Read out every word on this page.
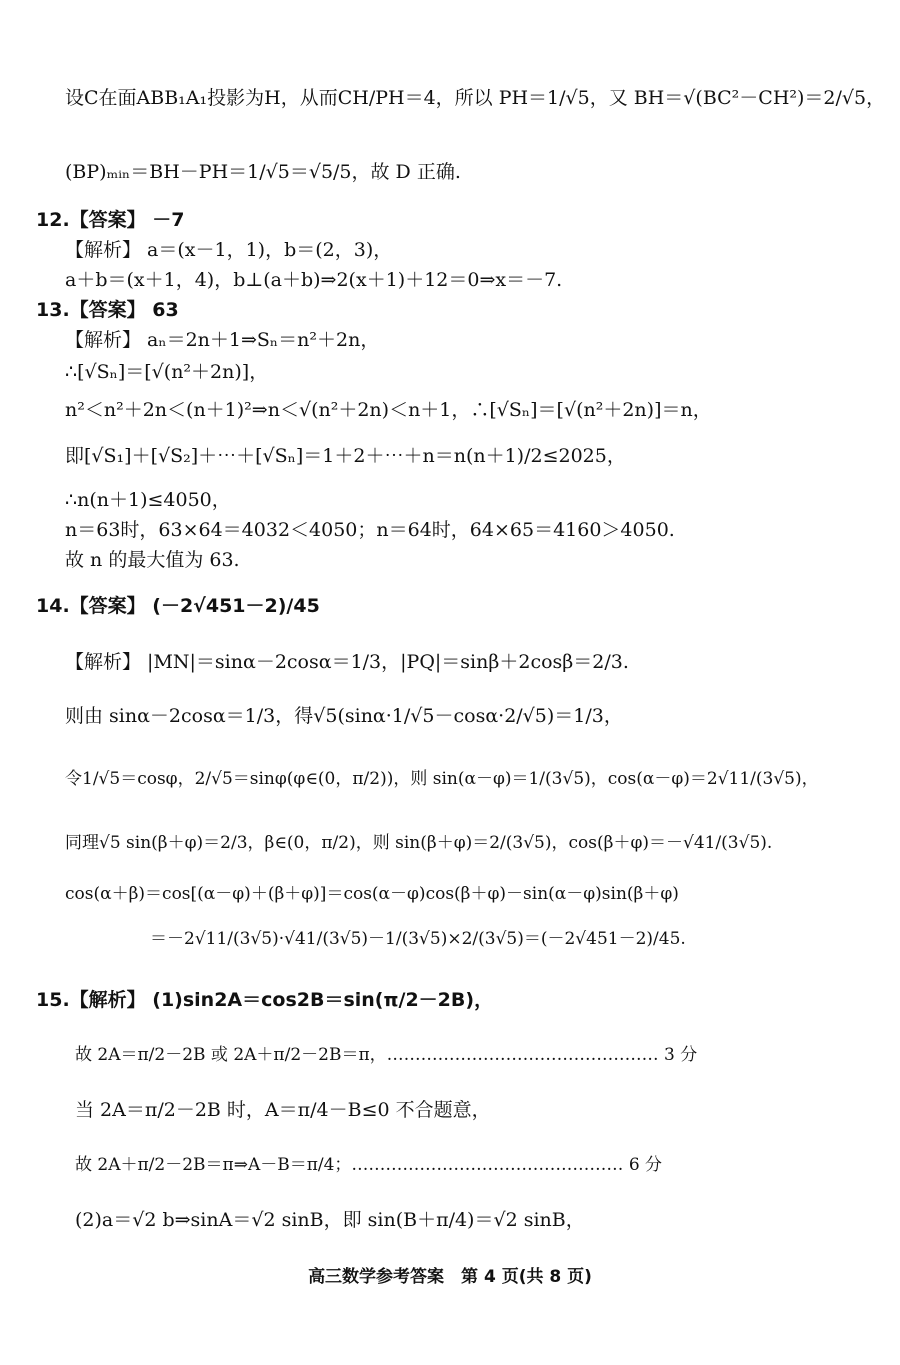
设C在面ABB₁A₁投影为H，从而CH/PH＝4，所以 PH＝1/√5，又 BH＝√(BC²－CH²)＝2/√5，
(BP)ₘᵢₙ＝BH－PH＝1/√5＝√5/5，故 D 正确.
12.【答案】 －7
【解析】 a＝(x－1，1)，b＝(2，3)，
a＋b＝(x＋1，4)，b⊥(a＋b)⇒2(x＋1)＋12＝0⇒x＝－7.
13.【答案】 63
【解析】 aₙ＝2n＋1⇒Sₙ＝n²＋2n，
∴[√Sₙ]＝[√(n²＋2n)]，
n²＜n²＋2n＜(n＋1)²⇒n＜√(n²＋2n)＜n＋1，∴[√Sₙ]＝[√(n²＋2n)]＝n，
即[√S₁]＋[√S₂]＋⋯＋[√Sₙ]＝1＋2＋⋯＋n＝n(n＋1)/2≤2025，
∴n(n＋1)≤4050，
n＝63时，63×64＝4032＜4050；n＝64时，64×65＝4160＞4050.
故 n 的最大值为 63.
14.【答案】 (－2√451－2)/45
【解析】 |MN|＝sinα－2cosα＝1/3，|PQ|＝sinβ＋2cosβ＝2/3.
则由 sinα－2cosα＝1/3，得√5(sinα·1/√5－cosα·2/√5)＝1/3，
令1/√5＝cosφ，2/√5＝sinφ(φ∈(0，π/2))，则 sin(α－φ)＝1/(3√5)，cos(α－φ)＝2√11/(3√5)，
同理√5 sin(β＋φ)＝2/3，β∈(0，π/2)，则 sin(β＋φ)＝2/(3√5)，cos(β＋φ)＝－√41/(3√5).
cos(α＋β)＝cos[(α－φ)＋(β＋φ)]＝cos(α－φ)cos(β＋φ)－sin(α－φ)sin(β＋φ)
＝－2√11/(3√5)·√41/(3√5)－1/(3√5)×2/(3√5)＝(－2√451－2)/45.
15.【解析】 (1)sin2A＝cos2B＝sin(π/2－2B)，
故 2A＝π/2－2B 或 2A＋π/2－2B＝π，………………………………………… 3 分
当 2A＝π/2－2B 时，A＝π/4－B≤0 不合题意，
故 2A＋π/2－2B＝π⇒A－B＝π/4；………………………………………… 6 分
(2)a＝√2 b⇒sinA＝√2 sinB，即 sin(B＋π/4)＝√2 sinB，
高三数学参考答案　第 4 页(共 8 页)
